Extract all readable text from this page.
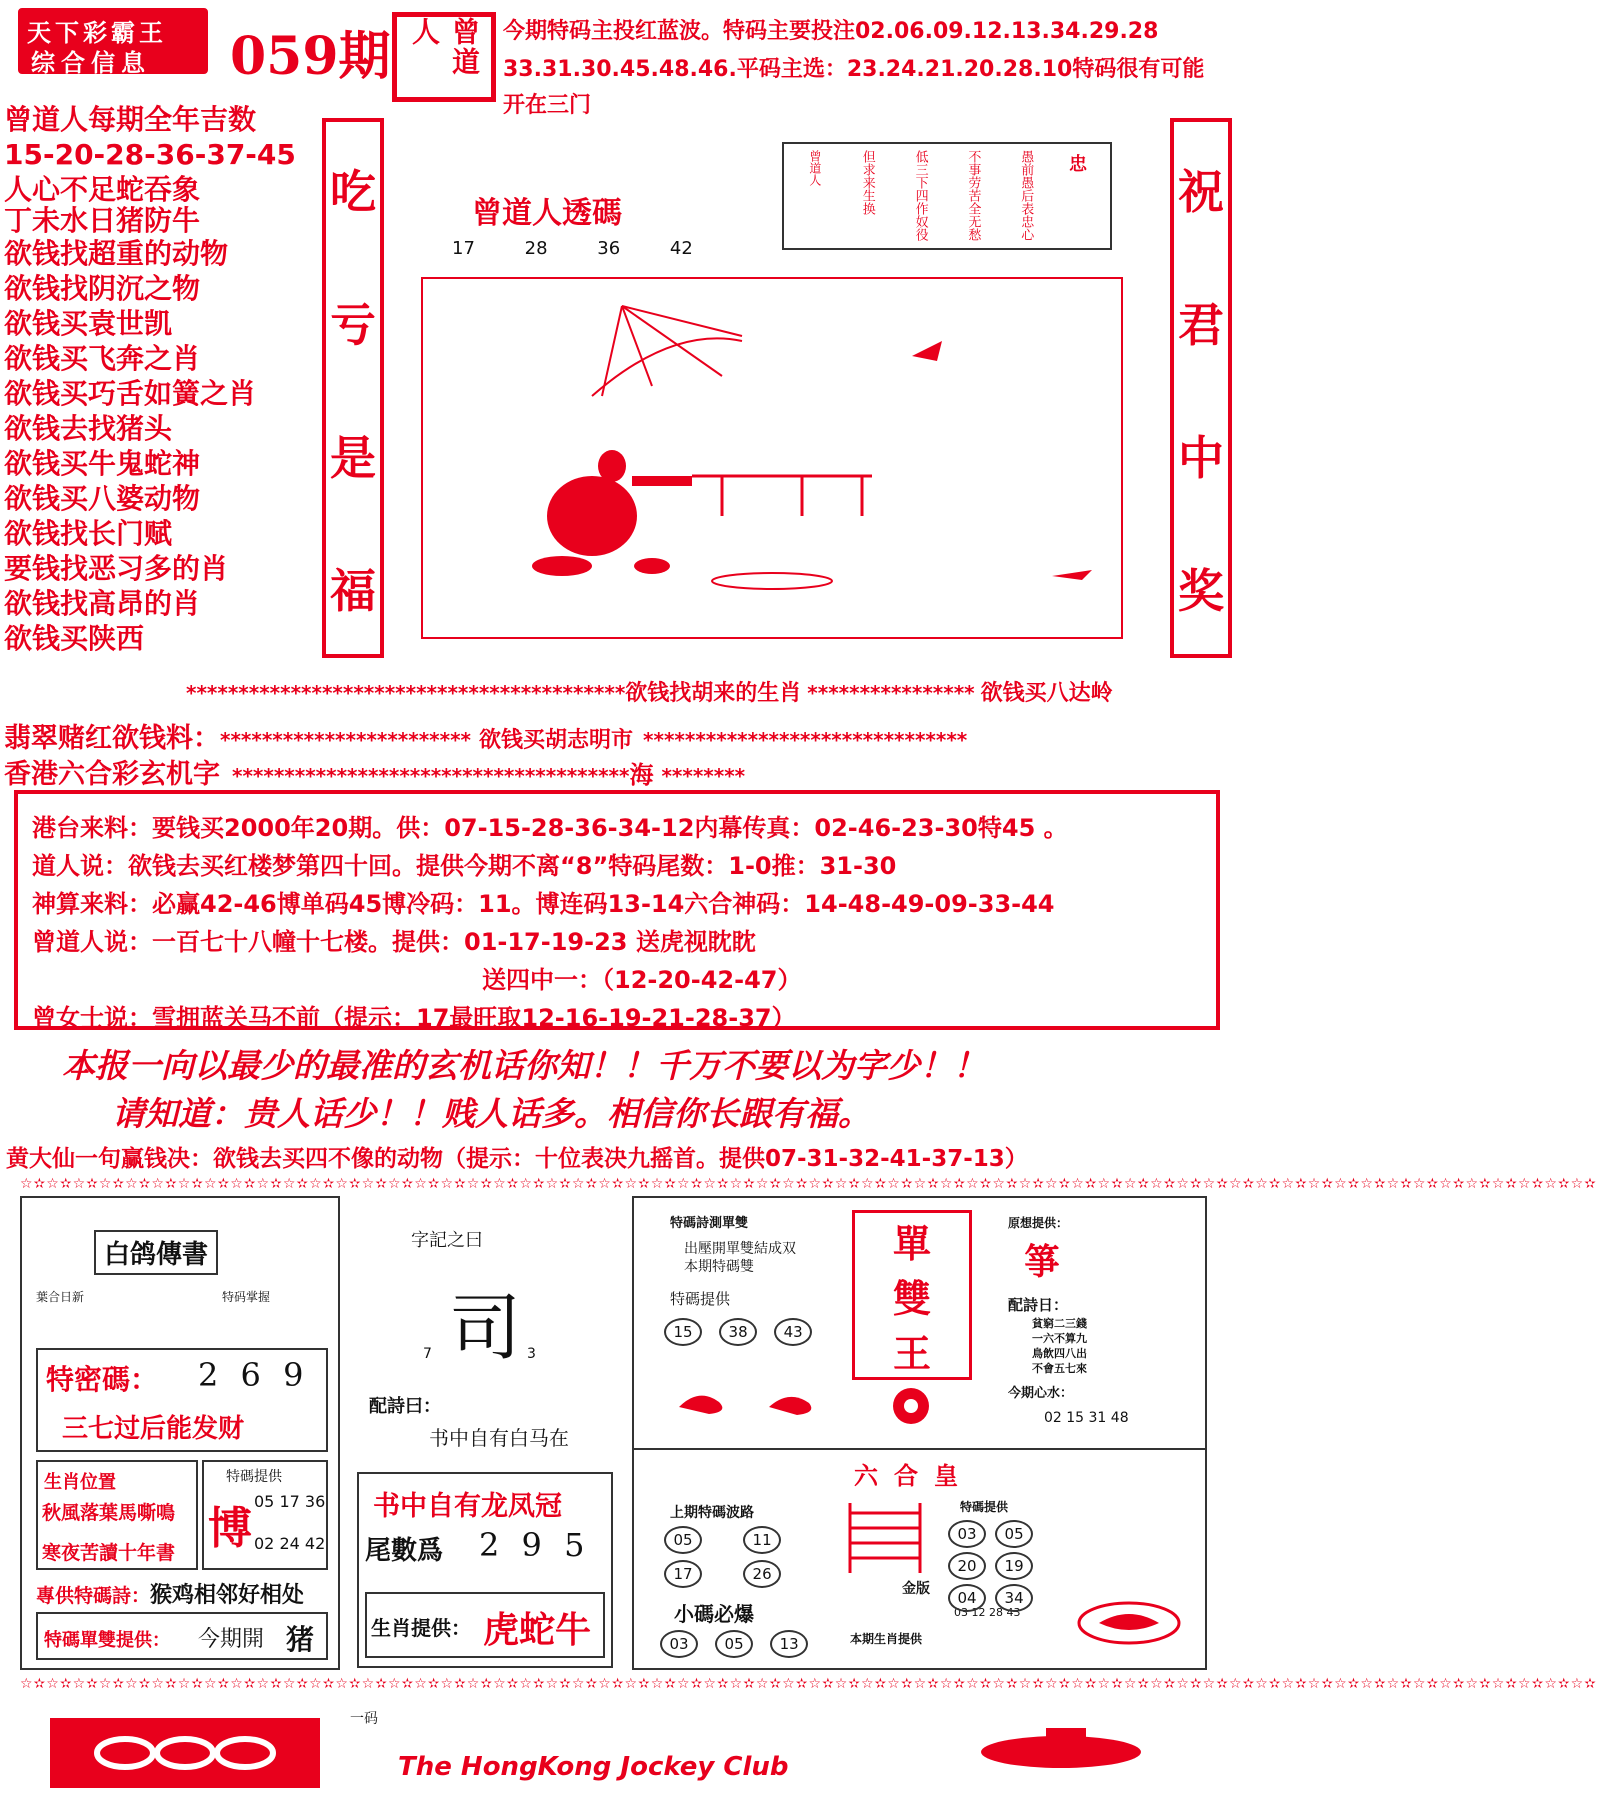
天下彩霸王
综合信息 059期	曾道人	今期特码主投红蓝波。特码主要投注02.06.09.12.13.34.29.28
33.31.30.45.48.46.平码主选：23.24.21.20.28.10特码很有可能
开在三门
曾道人每期全年吉数
15-20-28-36-37-45
人心不足蛇吞象
丁未水日猪防牛
欲钱找超重的动物
欲钱找阴沉之物
欲钱买袁世凯
欲钱买飞奔之肖
欲钱买巧舌如簧之肖
欲钱去找猪头
欲钱买牛鬼蛇神
欲钱买八婆动物
欲钱找长门赋
要钱找恶习多的肖
欲钱找高昂的肖
欲钱买陕西
吃
亏
是
福
祝
君
中
奖
曾道人透碼
17	28	36	42
忠
愚前愚后表忠心
不事劳苦全无愁
低三下四作奴役
但求来生换
曾道人
******************************************欲钱找胡来的生肖 **************** 欲钱买八达岭
翡翠赌红欲钱料：************************ 欲钱买胡志明市 *******************************
香港六合彩玄机字 **************************************海 ********
港台来料：要钱买2000年20期。供：07-15-28-36-34-12内幕传真：02-46-23-30特45 。
道人说：欲钱去买红楼梦第四十回。提供今期不离“8”特码尾数：1-0推：31-30
神算来料：必赢42-46博单码45博冷码：11。博连码13-14六合神码：14-48-49-09-33-44
曾道人说：一百七十八幢十七楼。提供：01-17-19-23 送虎视眈眈
送四中一：（12-20-42-47）
曾女士说：雪拥蓝关马不前（提示：17最旺取12-16-19-21-28-37）
本报一向以最少的最准的玄机话你知！！千万不要以为字少！！
请知道：贵人话少！！贱人话多。相信你长跟有福。
黄大仙一句赢钱决：欲钱去买四不像的动物（提示：十位表决九摇首。提供07-31-32-41-37-13）
☆✫☆✫☆✫☆✫☆✫☆✫☆✫☆✫☆✫☆✫☆✫☆✫☆✫☆✫☆✫☆✫☆✫☆✫☆✫☆✫☆✫☆✫☆✫☆✫☆✫☆✫☆✫☆✫☆✫☆✫☆✫☆✫☆✫☆✫☆✫☆✫☆✫☆✫☆✫☆✫☆✫☆✫☆✫☆✫☆✫☆✫☆✫☆✫☆✫☆✫☆✫☆✫☆✫☆✫☆✫☆✫☆✫☆✫☆✫☆✫
白鸽傳書
葉合日新	特码掌握
特密碼： 2 6 9
三七过后能发财
生肖位置
秋風落葉馬嘶鳴
寒夜苦讀十年書
特碼提供
博
05 17 36
02 24 42
專供特碼詩：猴鸡相邻好相处
特碼單雙提供： 今期開 猪
字記之曰
司
7	3
配詩曰：
书中自有白马在
书中自有龙凤冠
尾數爲 2 9 5
生肖提供： 虎蛇牛
特碼詩測單雙
出壓開單雙結成双
本期特碼雙
特碼提供
15 38 43
單
雙
王
原想提供：
箏
配詩日：
貧窮二三錢
一六不算九
鳥飲四八出
不會五七來
今期心水：
02 15 31 48
六合皇
上期特碼波路
05	11
17	26
金版
小碼必爆	03 12 28 43
03 05 13	本期生肖提供
特碼提供
03 05 20 19 04 34
☆✫☆✫☆✫☆✫☆✫☆✫☆✫☆✫☆✫☆✫☆✫☆✫☆✫☆✫☆✫☆✫☆✫☆✫☆✫☆✫☆✫☆✫☆✫☆✫☆✫☆✫☆✫☆✫☆✫☆✫☆✫☆✫☆✫☆✫☆✫☆✫☆✫☆✫☆✫☆✫☆✫☆✫☆✫☆✫☆✫☆✫☆✫☆✫☆✫☆✫☆✫☆✫☆✫☆✫☆✫☆✫☆✫☆✫☆✫☆✫
一码
The HongKong Jockey Club
